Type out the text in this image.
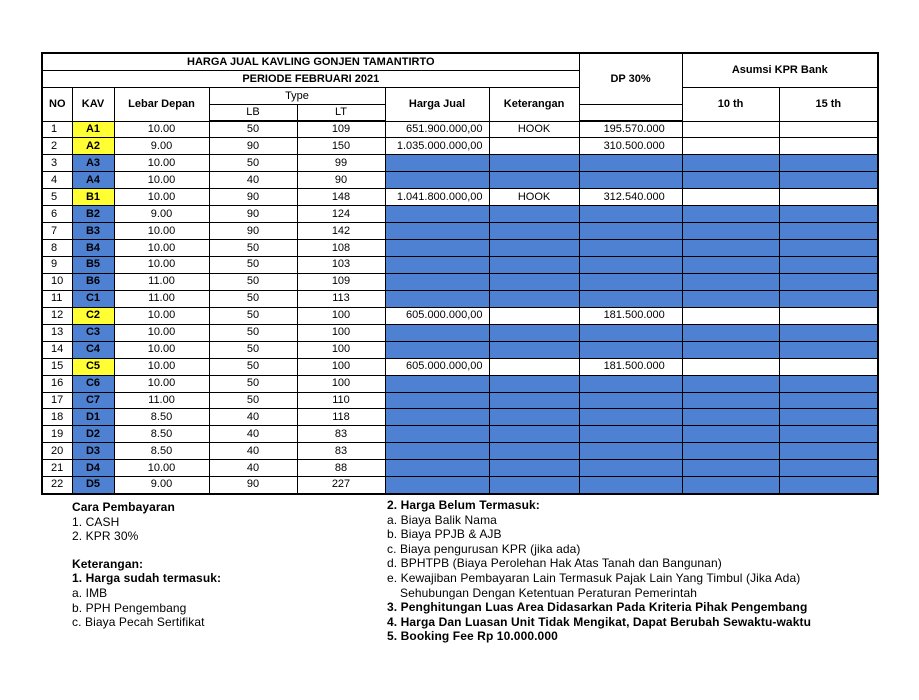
HARGA JUAL KAVLING GONJEN TAMANTIRTO							DP 30%	Asumsi KPR Bank	
PERIODE FEBRUARI 2021									
NO	KAV	Lebar Depan	Type		Harga Jual	Keterangan		10 th	15 th
			LB	LT					
1	A1	10.00	50	109	651.900.000,00	HOOK	195.570.000		
2	A2	9.00	90	150	1.035.000.000,00		310.500.000		
3	A3	10.00	50	99					
4	A4	10.00	40	90					
5	B1	10.00	90	148	1.041.800.000,00	HOOK	312.540.000		
6	B2	9.00	90	124					
7	B3	10.00	90	142					
8	B4	10.00	50	108					
9	B5	10.00	50	103					
10	B6	11.00	50	109					
11	C1	11.00	50	113					
12	C2	10.00	50	100	605.000.000,00		181.500.000		
13	C3	10.00	50	100					
14	C4	10.00	50	100					
15	C5	10.00	50	100	605.000.000,00		181.500.000		
16	C6	10.00	50	100					
17	C7	11.00	50	110					
18	D1	8.50	40	118					
19	D2	8.50	40	83					
20	D3	8.50	40	83					
21	D4	10.00	40	88					
22	D5	9.00	90	227					
Cara Pembayaran
1. CASH
2. KPR 30%
Keterangan:
1. Harga sudah termasuk:
a. IMB
b. PPH Pengembang
c. Biaya Pecah Sertifikat
2. Harga Belum Termasuk:
a. Biaya Balik Nama
b. Biaya PPJB & AJB
c. Biaya pengurusan KPR (jika ada)
d. BPHTPB (Biaya Perolehan Hak Atas Tanah dan Bangunan)
e. Kewajiban Pembayaran Lain Termasuk Pajak Lain Yang Timbul (Jika Ada)
Sehubungan Dengan Ketentuan Peraturan Pemerintah
3. Penghitungan Luas Area Didasarkan Pada Kriteria Pihak Pengembang
4. Harga Dan Luasan Unit Tidak Mengikat, Dapat Berubah Sewaktu-waktu
5. Booking Fee Rp 10.000.000
